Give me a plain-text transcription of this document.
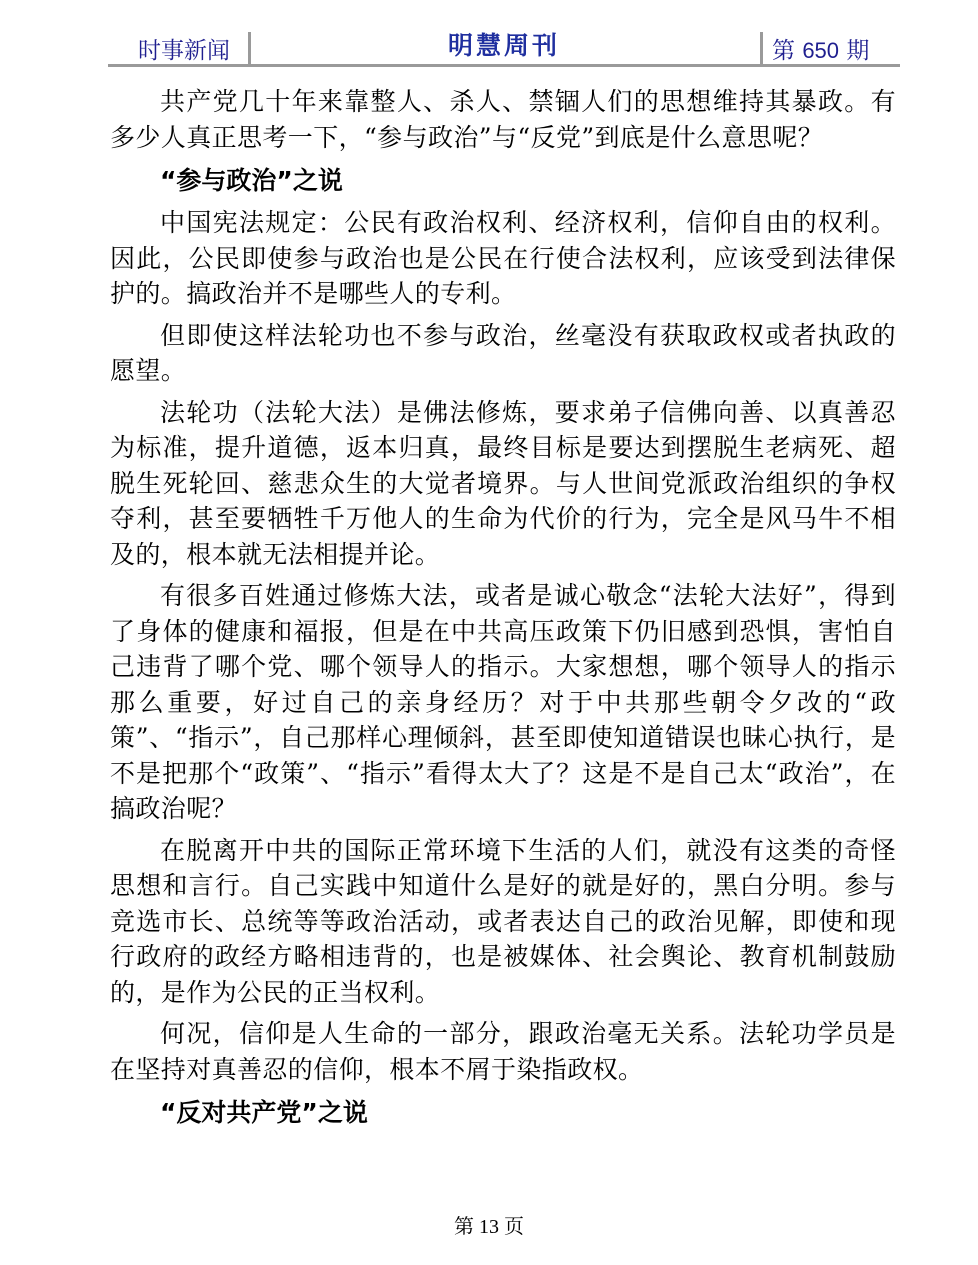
时事新闻	明慧周刊	第 650 期

共产党几十年来靠整人、杀人、禁锢人们的思想维持其暴政。有多少人真正思考一下，“参与政治”与“反党”到底是什么意思呢？

“参与政治”之说

中国宪法规定：公民有政治权利、经济权利，信仰自由的权利。因此，公民即使参与政治也是公民在行使合法权利，应该受到法律保护的。搞政治并不是哪些人的专利。

但即使这样法轮功也不参与政治，丝毫没有获取政权或者执政的愿望。

法轮功（法轮大法）是佛法修炼，要求弟子信佛向善、以真善忍为标准，提升道德，返本归真，最终目标是要达到摆脱生老病死、超脱生死轮回、慈悲众生的大觉者境界。与人世间党派政治组织的争权夺利，甚至要牺牲千万他人的生命为代价的行为，完全是风马牛不相及的，根本就无法相提并论。

有很多百姓通过修炼大法，或者是诚心敬念“法轮大法好”，得到了身体的健康和福报，但是在中共高压政策下仍旧感到恐惧，害怕自己违背了哪个党、哪个领导人的指示。大家想想，哪个领导人的指示那么重要，好过自己的亲身经历？对于中共那些朝令夕改的“政策”、“指示”，自己那样心理倾斜，甚至即使知道错误也昧心执行，是不是把那个“政策”、“指示”看得太大了？这是不是自己太“政治”，在搞政治呢？

在脱离开中共的国际正常环境下生活的人们，就没有这类的奇怪思想和言行。自己实践中知道什么是好的就是好的，黑白分明。参与竞选市长、总统等等政治活动，或者表达自己的政治见解，即使和现行政府的政经方略相违背的，也是被媒体、社会舆论、教育机制鼓励的，是作为公民的正当权利。

何况，信仰是人生命的一部分，跟政治毫无关系。法轮功学员是在坚持对真善忍的信仰，根本不屑于染指政权。

“反对共产党”之说
第 13 页
